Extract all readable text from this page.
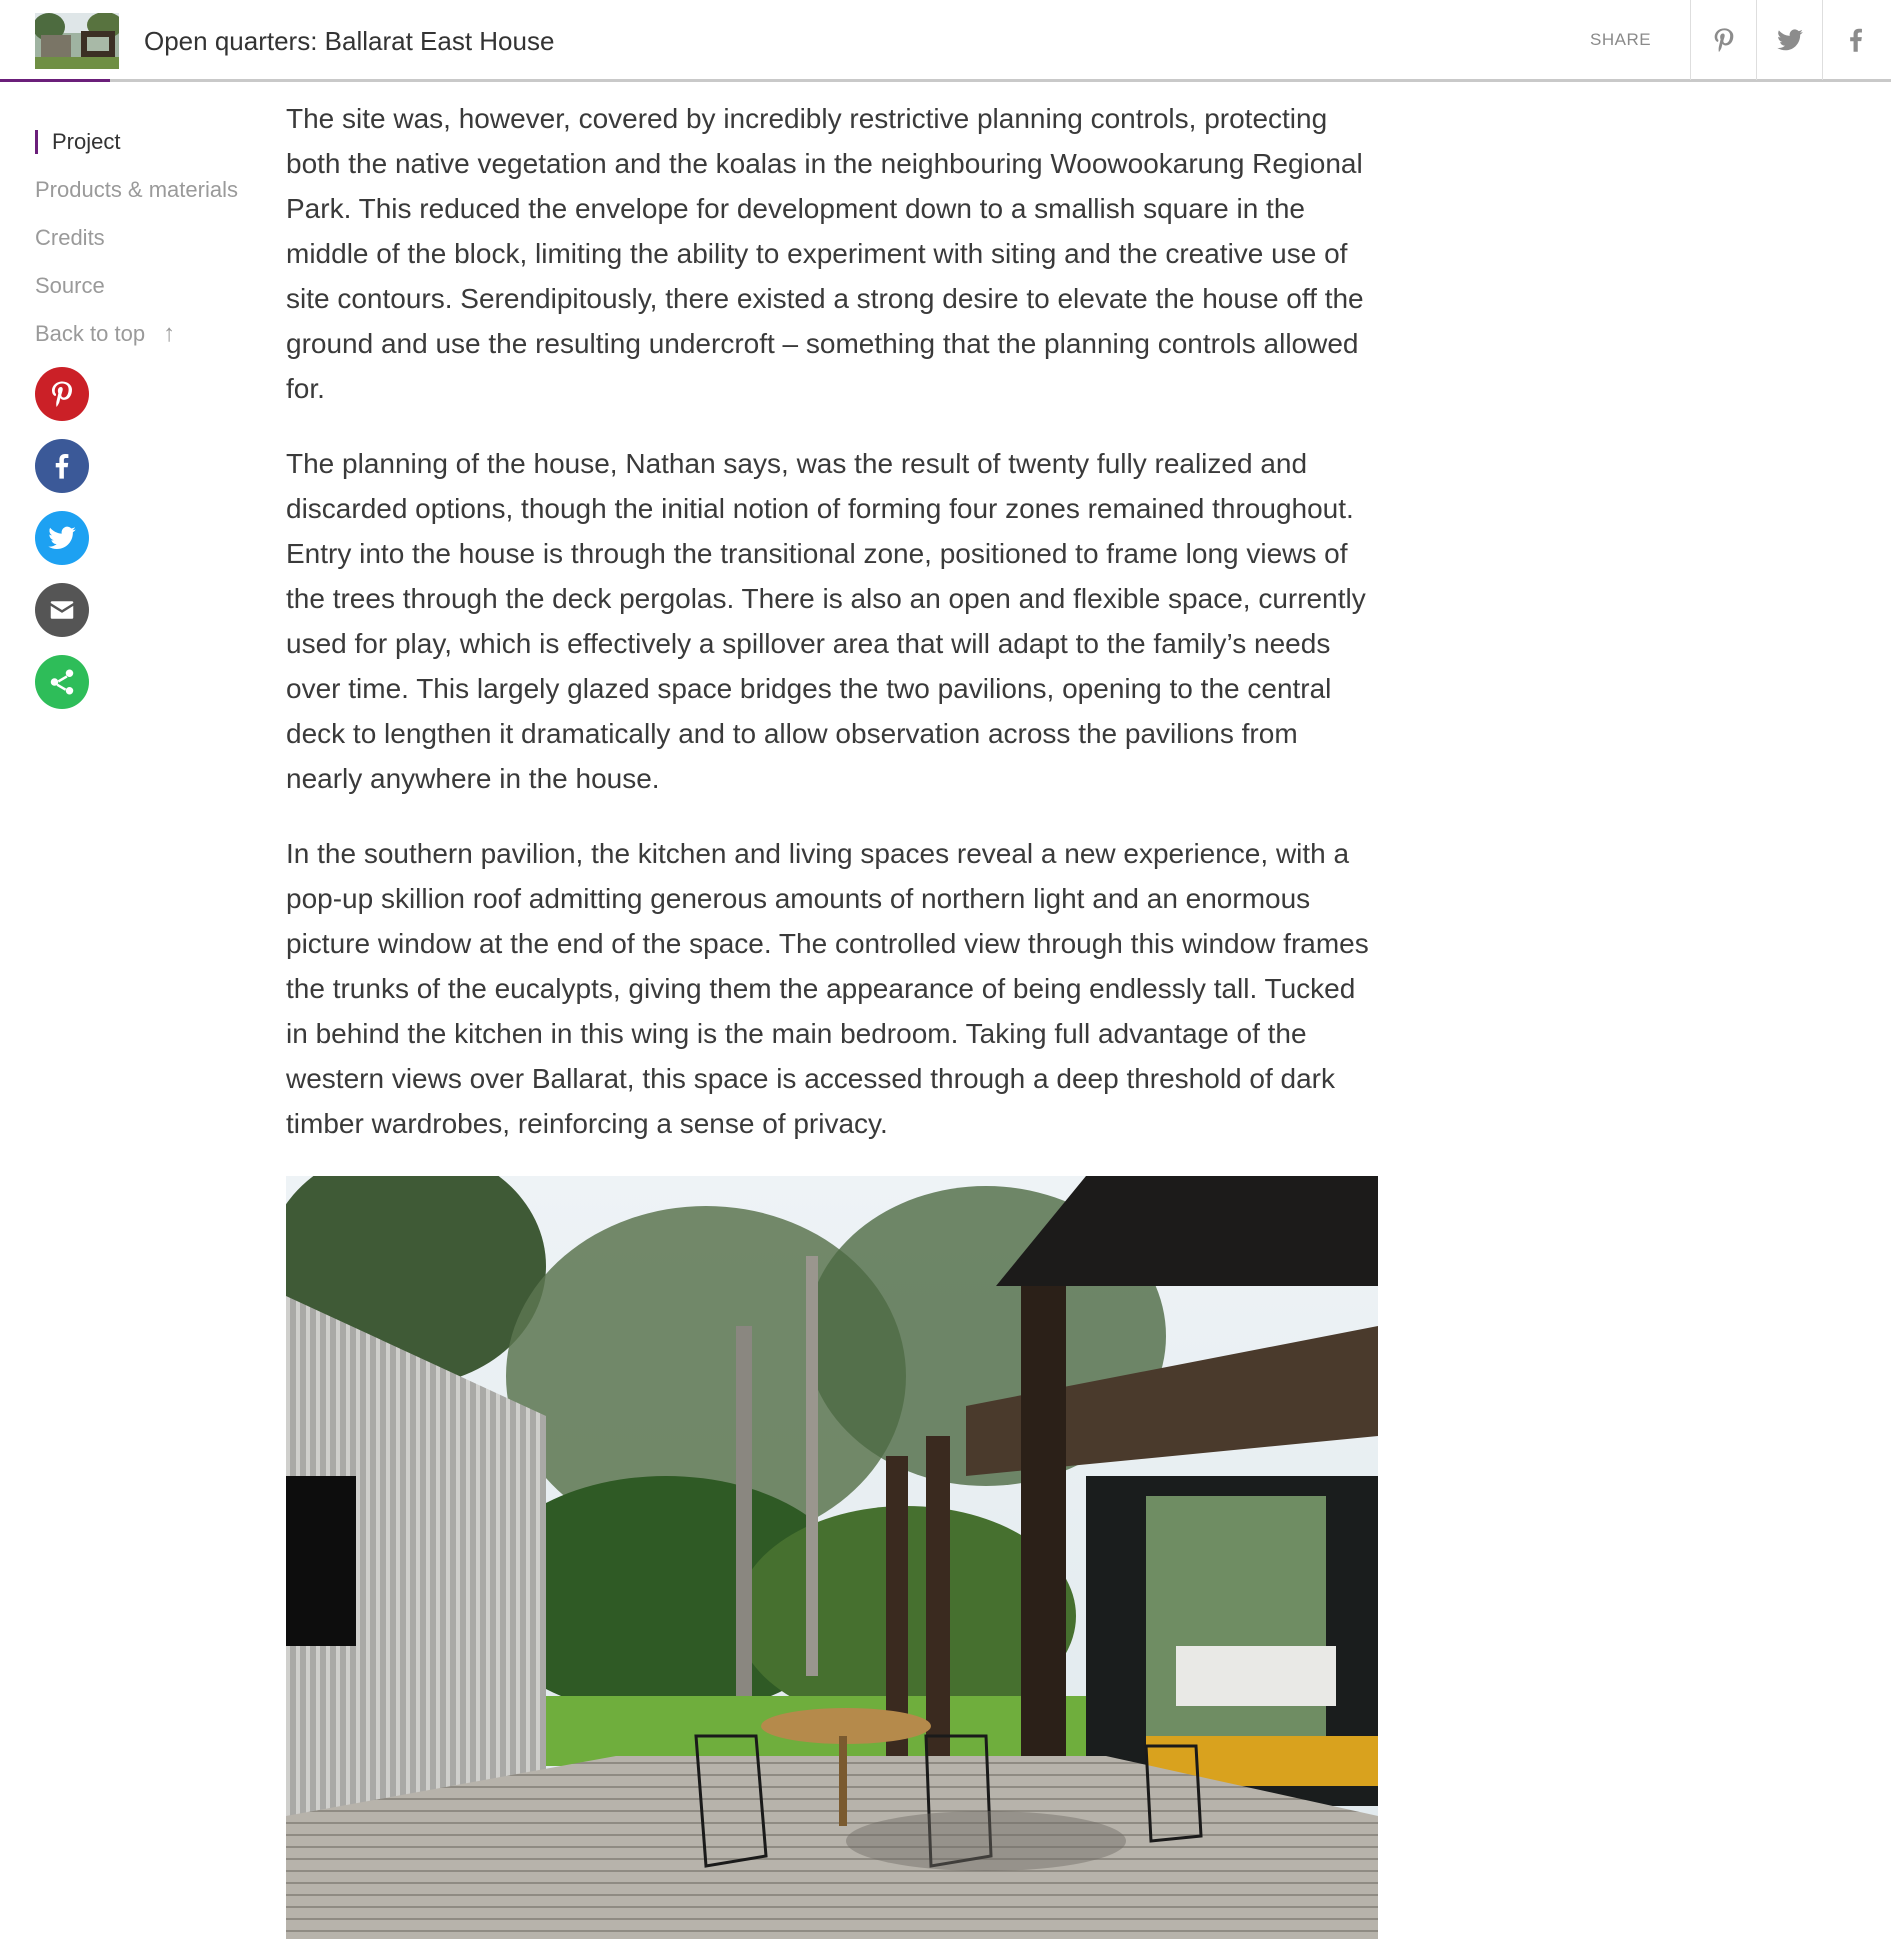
Open quarters: Ballarat East House	SHARE
Project
Products & materials
Credits
Source
Back to top ↑

The site was, however, covered by incredibly restrictive planning controls, protecting both the native vegetation and the koalas in the neighbouring Woowookarung Regional Park. This reduced the envelope for development down to a smallish square in the middle of the block, limiting the ability to experiment with siting and the creative use of site contours. Serendipitously, there existed a strong desire to elevate the house off the ground and use the resulting undercroft – something that the planning controls allowed for.

The planning of the house, Nathan says, was the result of twenty fully realized and discarded options, though the initial notion of forming four zones remained throughout. Entry into the house is through the transitional zone, positioned to frame long views of the trees through the deck pergolas. There is also an open and flexible space, currently used for play, which is effectively a spillover area that will adapt to the family’s needs over time. This largely glazed space bridges the two pavilions, opening to the central deck to lengthen it dramatically and to allow observation across the pavilions from nearly anywhere in the house.

In the southern pavilion, the kitchen and living spaces reveal a new experience, with a pop-up skillion roof admitting generous amounts of northern light and an enormous picture window at the end of the space. The controlled view through this window frames the trunks of the eucalypts, giving them the appearance of being endlessly tall. Tucked in behind the kitchen in this wing is the main bedroom. Taking full advantage of the western views over Ballarat, this space is accessed through a deep threshold of dark timber wardrobes, reinforcing a sense of privacy.
